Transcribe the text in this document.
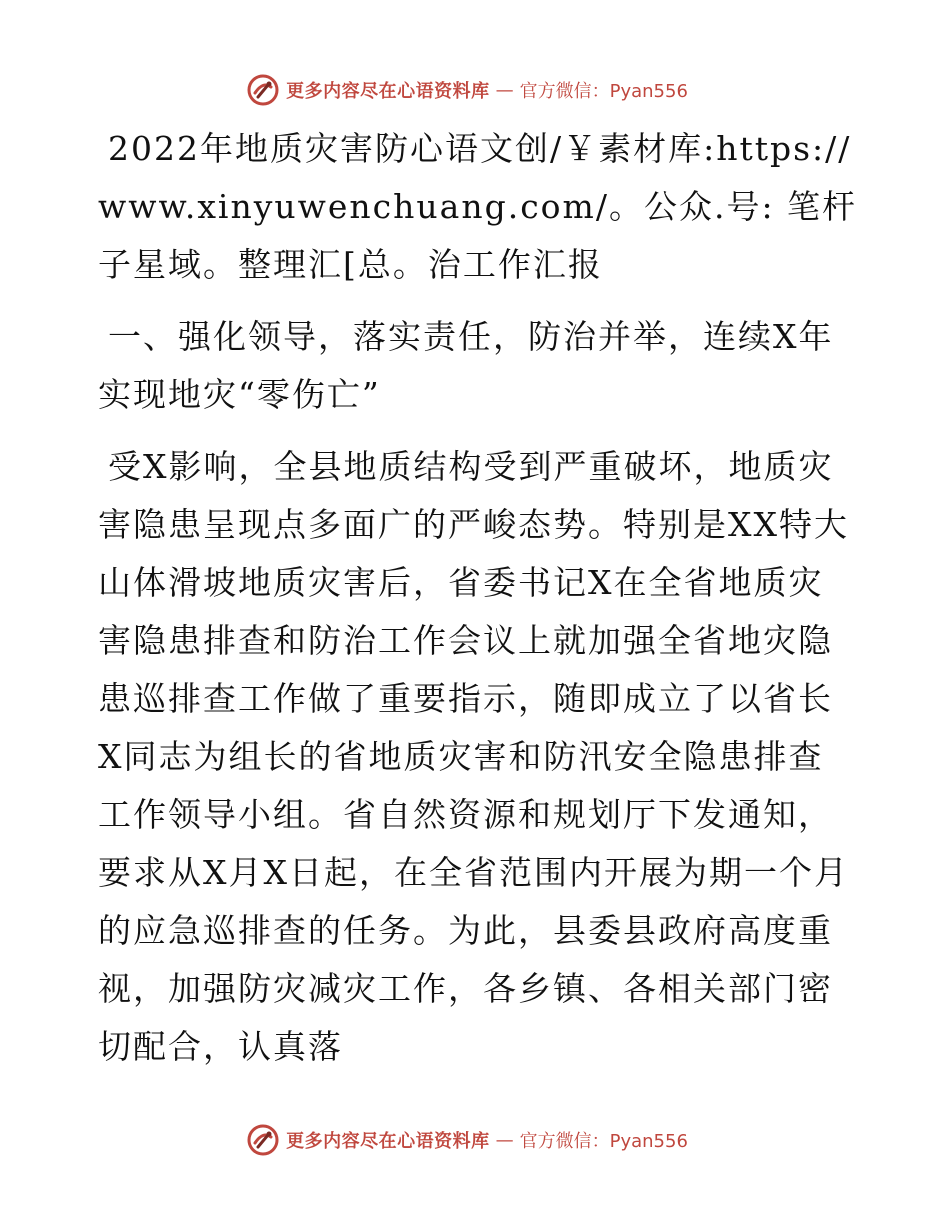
更多内容尽在心语资料库 — 官方微信：Pyan556

2022年地质灾害防心语文创/￥素材库:https://www.xinyuwenchuang.com/。公众.号: 笔杆子星域。整理汇[总。治工作汇报

一、强化领导，落实责任，防治并举，连续X年实现地灾“零伤亡”

受X影响，全县地质结构受到严重破坏，地质灾害隐患呈现点多面广的严峻态势。特别是XX特大山体滑坡地质灾害后，省委书记X在全省地质灾害隐患排查和防治工作会议上就加强全省地灾隐患巡排查工作做了重要指示，随即成立了以省长X同志为组长的省地质灾害和防汛安全隐患排查工作领导小组。省自然资源和规划厅下发通知，要求从X月X日起，在全省范围内开展为期一个月的应急巡排查的任务。为此，县委县政府高度重视，加强防灾减灾工作，各乡镇、各相关部门密切配合，认真落

更多内容尽在心语资料库 — 官方微信：Pyan556
